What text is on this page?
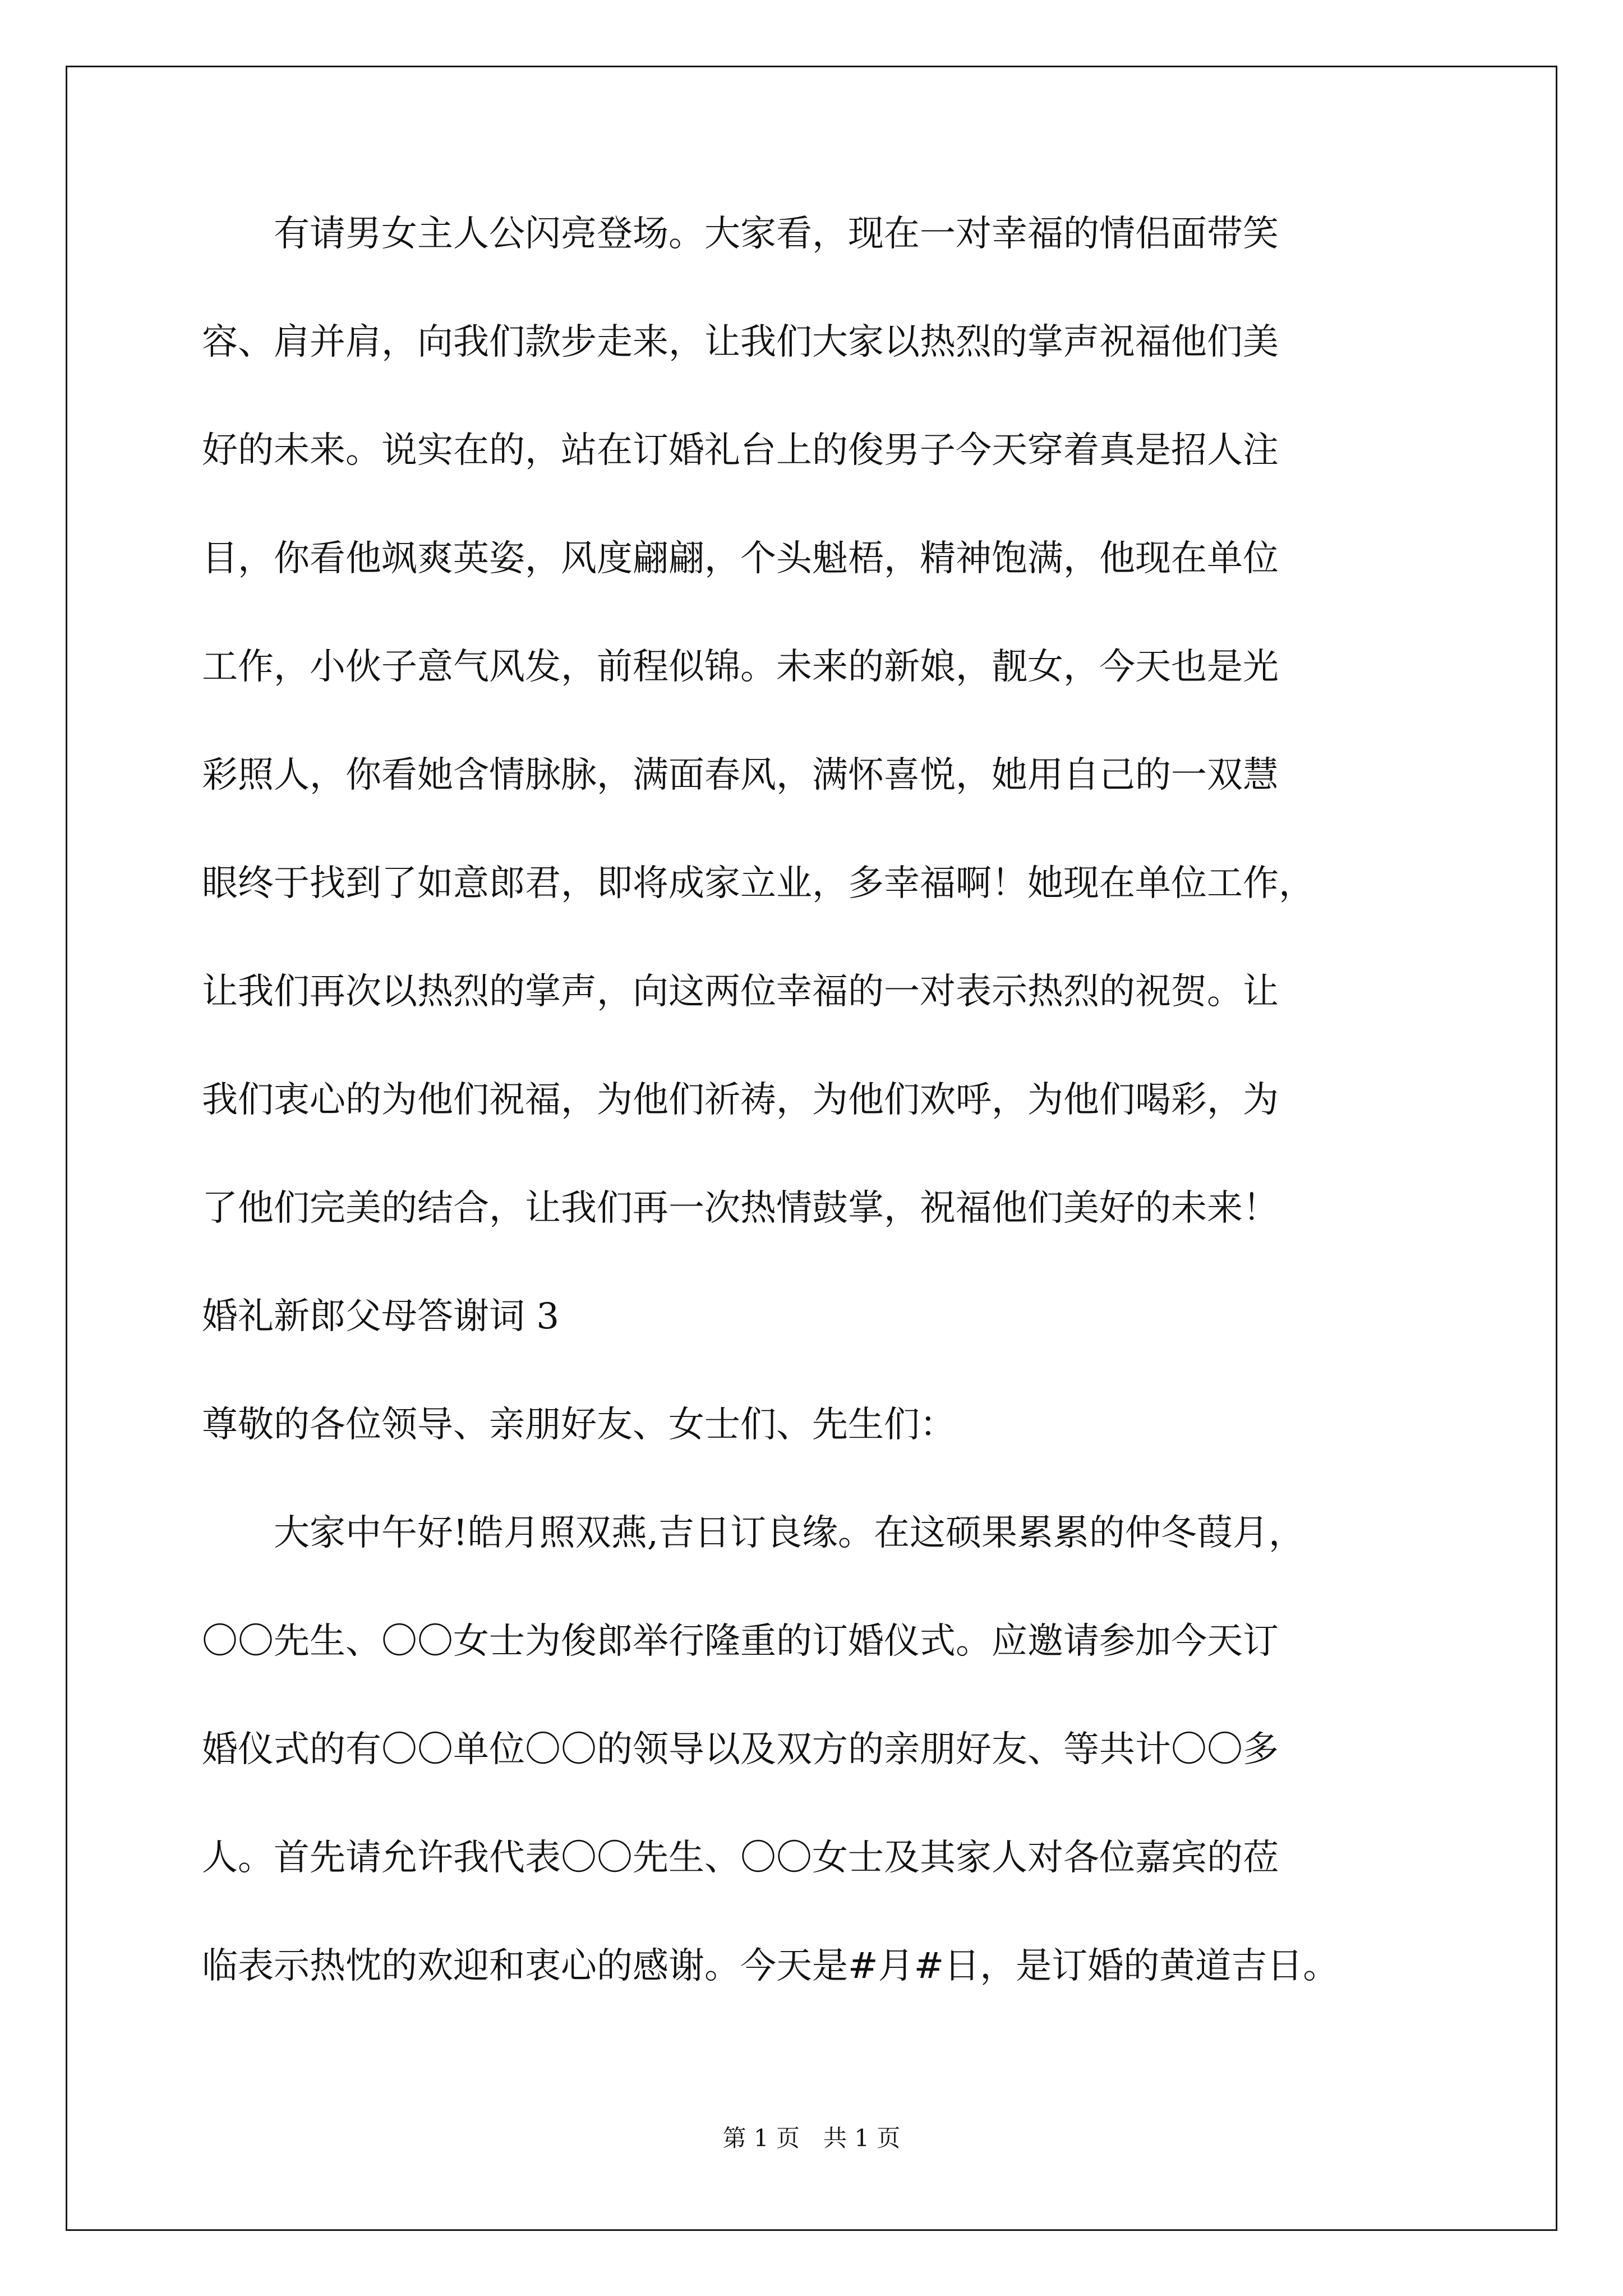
　　有请男女主人公闪亮登场。大家看，现在一对幸福的情侣面带笑
容、肩并肩，向我们款步走来，让我们大家以热烈的掌声祝福他们美
好的未来。说实在的，站在订婚礼台上的俊男子今天穿着真是招人注
目，你看他飒爽英姿，风度翩翩，个头魁梧，精神饱满，他现在单位
工作，小伙子意气风发，前程似锦。未来的新娘，靓女，今天也是光
彩照人，你看她含情脉脉，满面春风，满怀喜悦，她用自己的一双慧
眼终于找到了如意郎君，即将成家立业，多幸福啊！她现在单位工作，
让我们再次以热烈的掌声，向这两位幸福的一对表示热烈的祝贺。让
我们衷心的为他们祝福，为他们祈祷，为他们欢呼，为他们喝彩，为
了他们完美的结合，让我们再一次热情鼓掌，祝福他们美好的未来！
婚礼新郎父母答谢词 3
尊敬的各位领导、亲朋好友、女士们、先生们：
　　大家中午好!皓月照双燕,吉日订良缘。在这硕果累累的仲冬葭月，
〇〇先生、〇〇女士为俊郎举行隆重的订婚仪式。应邀请参加今天订
婚仪式的有〇〇单位〇〇的领导以及双方的亲朋好友、等共计〇〇多
人。首先请允许我代表〇〇先生、〇〇女士及其家人对各位嘉宾的莅
临表示热忱的欢迎和衷心的感谢。今天是#月#日，是订婚的黄道吉日。
第 1 页　共 1 页
